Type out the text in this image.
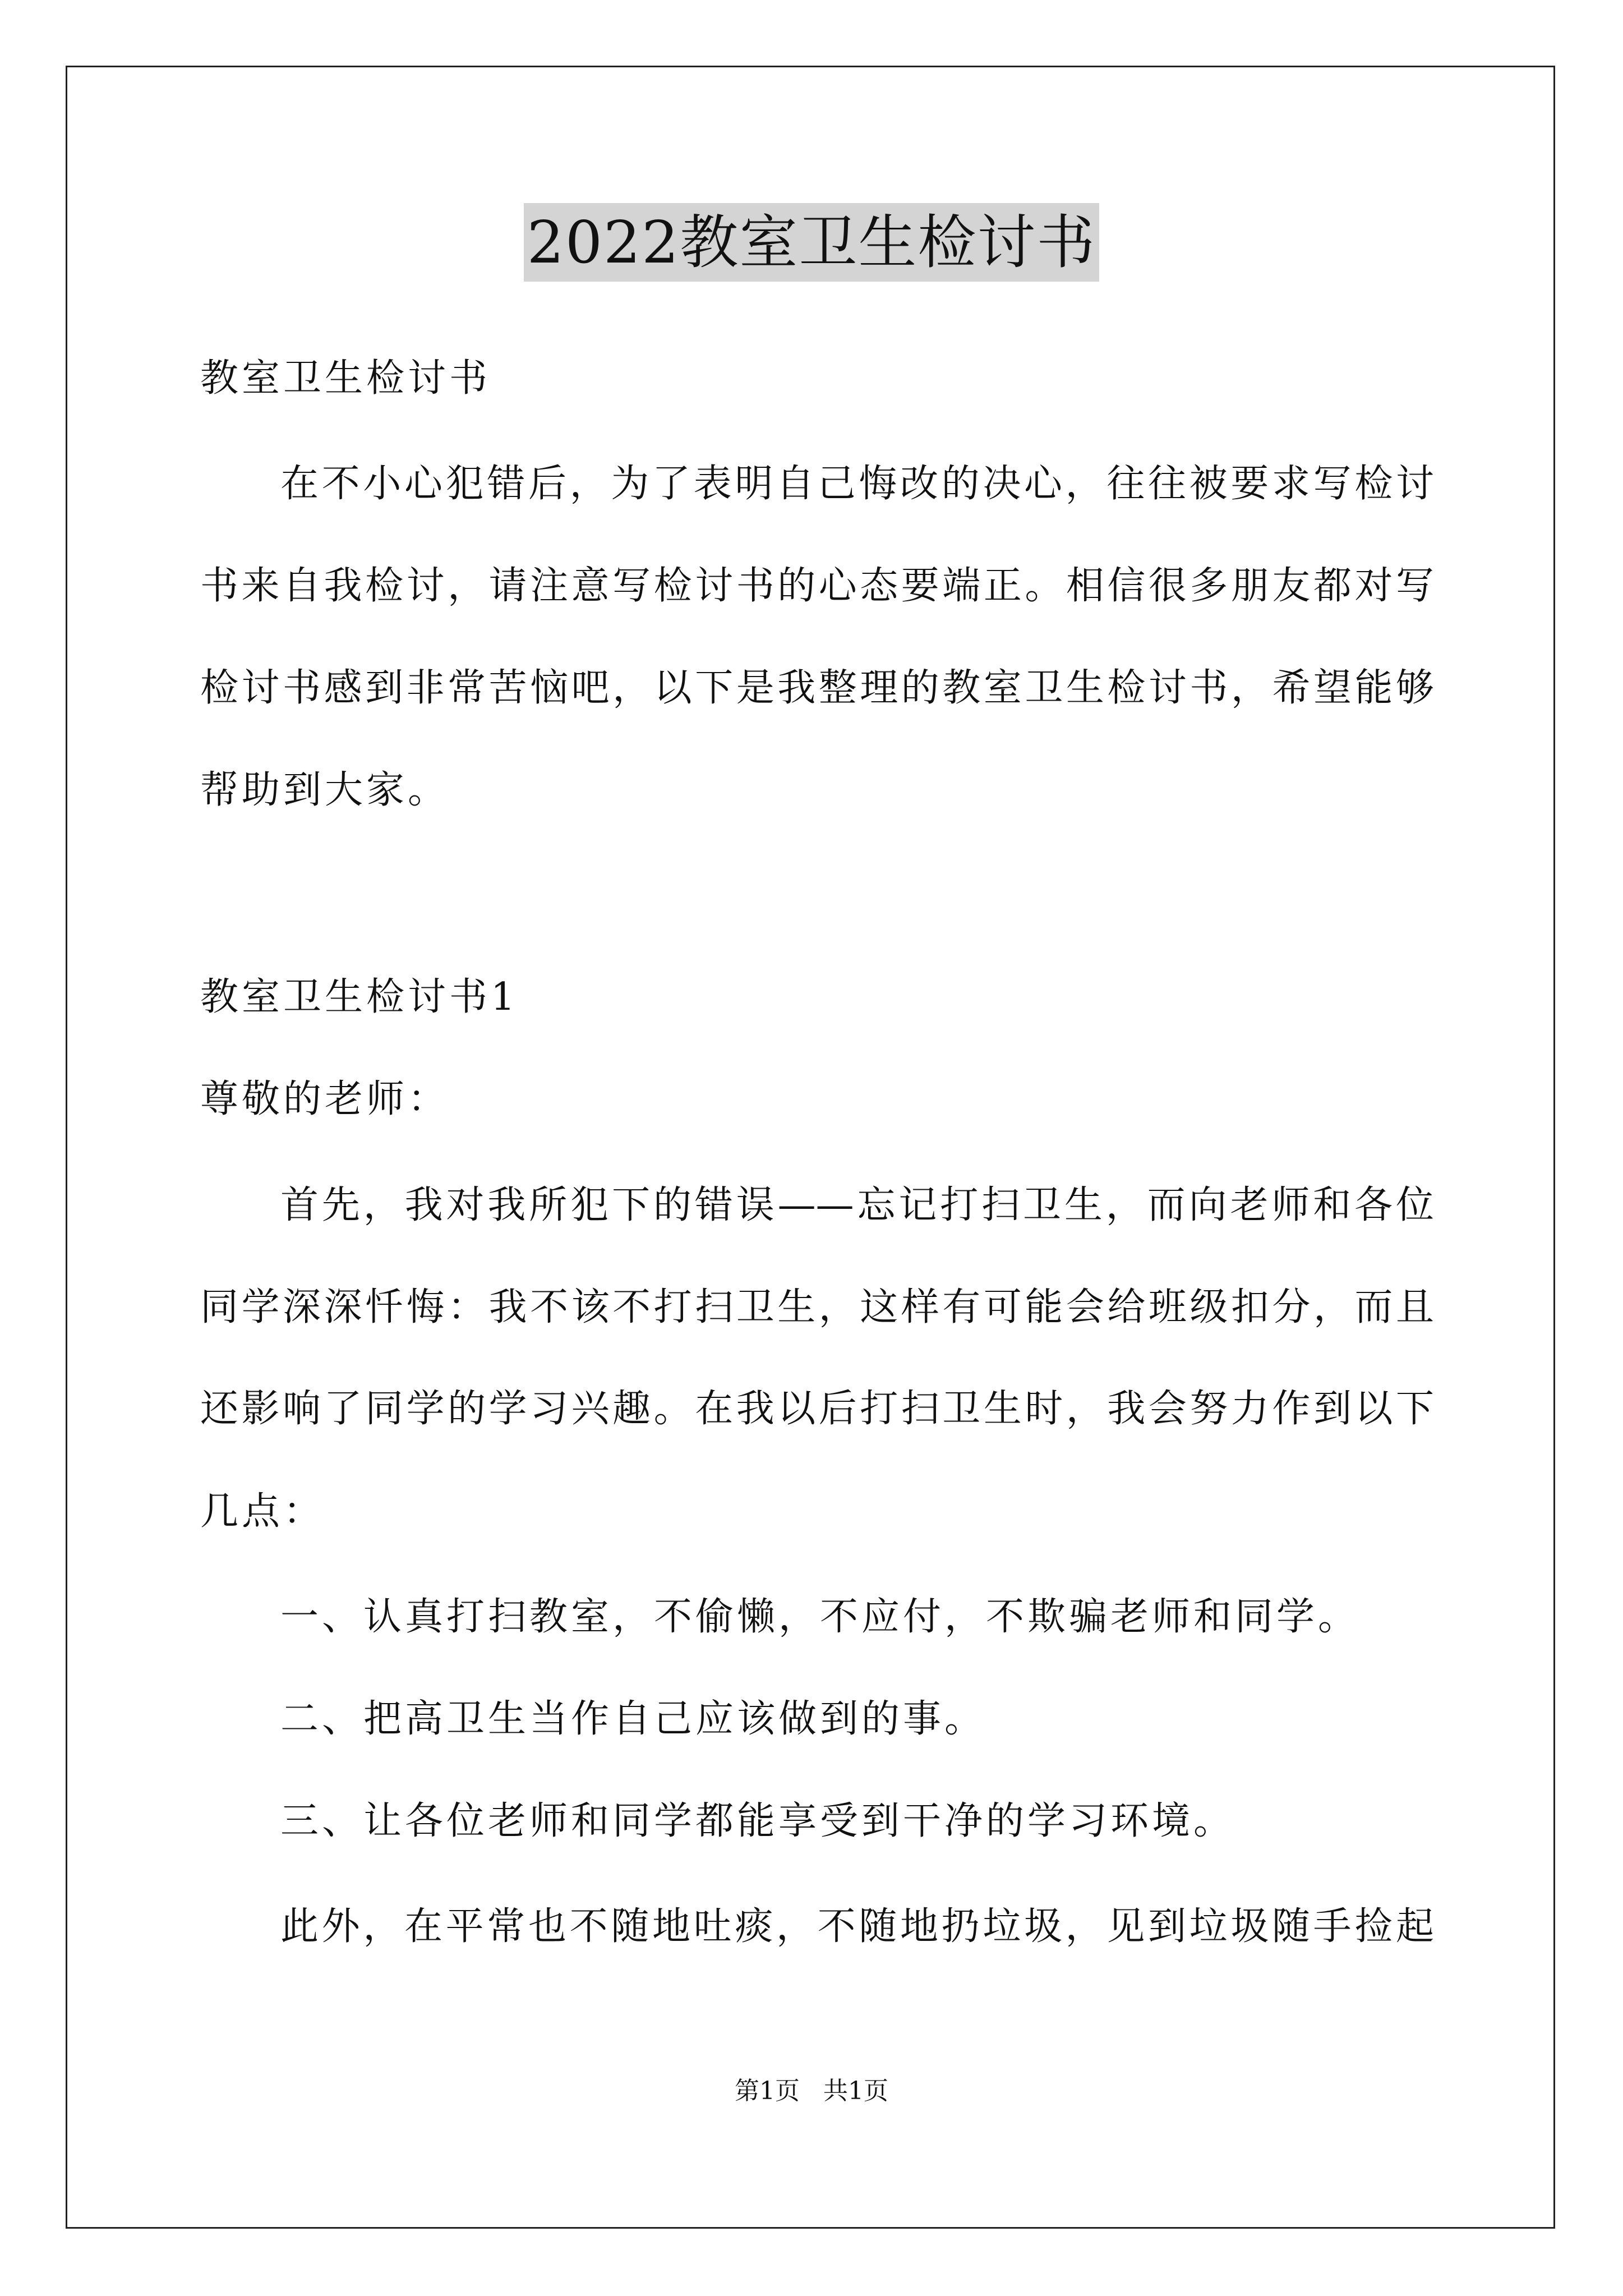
2022教室卫生检讨书
教室卫生检讨书
在不小心犯错后，为了表明自己悔改的决心，往往被要求写检讨
书来自我检讨，请注意写检讨书的心态要端正。相信很多朋友都对写
检讨书感到非常苦恼吧，以下是我整理的教室卫生检讨书，希望能够
帮助到大家。
教室卫生检讨书1
尊敬的老师：
首先，我对我所犯下的错误——忘记打扫卫生，而向老师和各位
同学深深忏悔：我不该不打扫卫生，这样有可能会给班级扣分，而且
还影响了同学的学习兴趣。在我以后打扫卫生时，我会努力作到以下
几点：
一、认真打扫教室，不偷懒，不应付，不欺骗老师和同学。
二、把高卫生当作自己应该做到的事。
三、让各位老师和同学都能享受到干净的学习环境。
此外，在平常也不随地吐痰，不随地扔垃圾，见到垃圾随手捡起
第1页   共1页
